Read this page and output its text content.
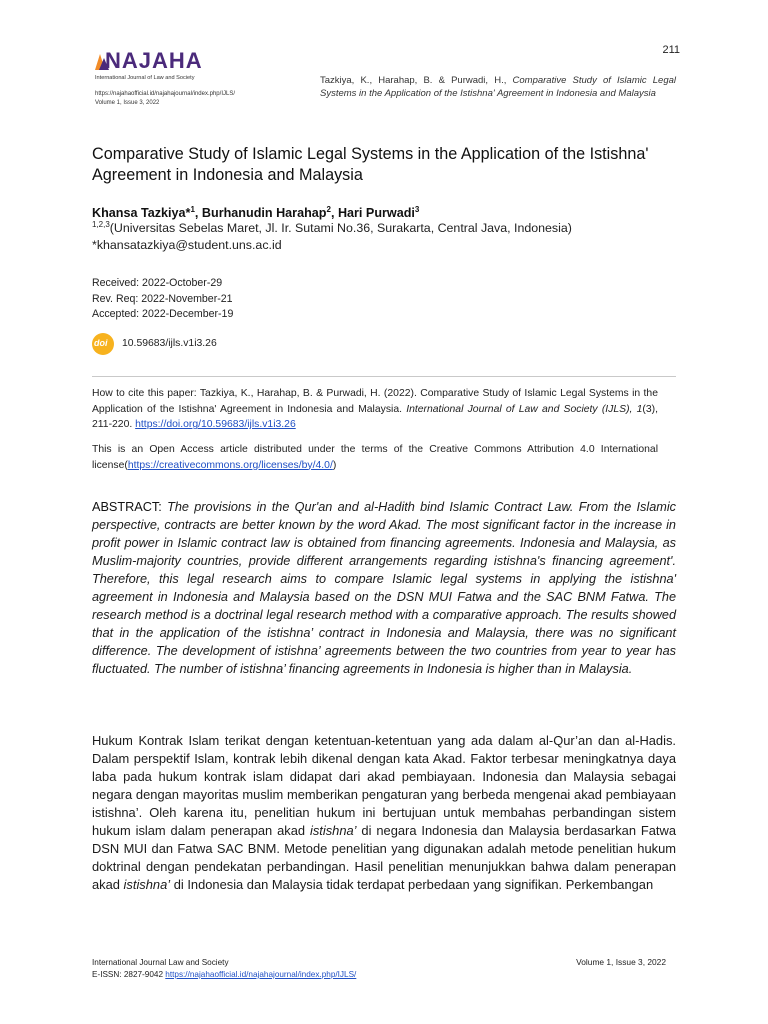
211
NAJAHA
International Journal of Law and Society
https://najahaofficial.id/najahajournal/index.php/IJLS/
Volume 1, Issue 3, 2022
Tazkiya, K., Harahap, B. & Purwadi, H., Comparative Study of Islamic Legal Systems in the Application of the Istishna' Agreement in Indonesia and Malaysia
Comparative Study of Islamic Legal Systems in the Application of the Istishna' Agreement in Indonesia and Malaysia
Khansa Tazkiya*$^1$, Burhanudin Harahap$^2$, Hari Purwadi$^3$
$^{1,2,3}$(Universitas Sebelas Maret, Jl. Ir. Sutami No.36, Surakarta, Central Java, Indonesia)
*khansatazkiya@student.uns.ac.id
Received: 2022-October-29
Rev. Req: 2022-November-21
Accepted: 2022-December-19
doi 10.59683/ijls.v1i3.26
How to cite this paper: Tazkiya, K., Harahap, B. & Purwadi, H. (2022). Comparative Study of Islamic Legal Systems in the Application of the Istishna' Agreement in Indonesia and Malaysia. International Journal of Law and Society (IJLS), 1(3), 211-220. https://doi.org/10.59683/ijls.v1i3.26
This is an Open Access article distributed under the terms of the Creative Commons Attribution 4.0 International license(https://creativecommons.org/licenses/by/4.0/)
ABSTRACT: The provisions in the Qur'an and al-Hadith bind Islamic Contract Law. From the Islamic perspective, contracts are better known by the word Akad. The most significant factor in the increase in profit power in Islamic contract law is obtained from financing agreements. Indonesia and Malaysia, as Muslim-majority countries, provide different arrangements regarding istishna's financing agreement'. Therefore, this legal research aims to compare Islamic legal systems in applying the istishna' agreement in Indonesia and Malaysia based on the DSN MUI Fatwa and the SAC BNM Fatwa. The research method is a doctrinal legal research method with a comparative approach. The results showed that in the application of the istishna’ contract in Indonesia and Malaysia, there was no significant difference. The development of istishna’ agreements between the two countries from year to year has fluctuated. The number of istishna’ financing agreements in Indonesia is higher than in Malaysia.
Hukum Kontrak Islam terikat dengan ketentuan-ketentuan yang ada dalam al-Qur’an dan al-Hadis. Dalam perspektif Islam, kontrak lebih dikenal dengan kata Akad. Faktor terbesar meningkatnya daya laba pada hukum kontrak islam didapat dari akad pembiayaan. Indonesia dan Malaysia sebagai negara dengan mayoritas muslim memberikan pengaturan yang berbeda mengenai akad pembiayaan istishna’. Oleh karena itu, penelitian hukum ini bertujuan untuk membahas perbandingan sistem hukum islam dalam penerapan akad istishna’ di negara Indonesia dan Malaysia berdasarkan Fatwa DSN MUI dan Fatwa SAC BNM. Metode penelitian yang digunakan adalah metode penelitian hukum doktrinal dengan pendekatan perbandingan. Hasil penelitian menunjukkan bahwa dalam penerapan akad istishna’ di Indonesia dan Malaysia tidak terdapat perbedaan yang signifikan. Perkembangan
International Journal Law and Society
E-ISSN: 2827-9042 https://najahaofficial.id/najahajournal/index.php/IJLS/
Volume 1, Issue 3, 2022
